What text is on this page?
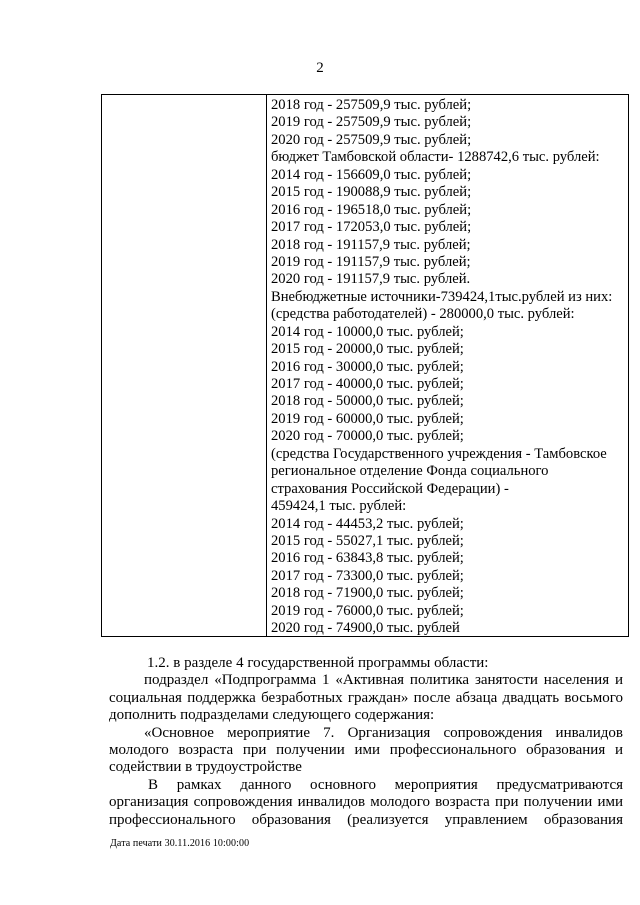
2
2018 год - 257509,9 тыс. рублей;
2019 год - 257509,9 тыс. рублей;
2020 год - 257509,9 тыс. рублей;
бюджет Тамбовской области- 1288742,6 тыс. рублей:
2014 год - 156609,0 тыс. рублей;
2015 год - 190088,9 тыс. рублей;
2016 год - 196518,0 тыс. рублей;
2017 год - 172053,0 тыс. рублей;
2018 год - 191157,9 тыс. рублей;
2019 год - 191157,9 тыс. рублей;
2020 год - 191157,9 тыс. рублей.
Внебюджетные источники-739424,1тыс.рублей из них:
(средства работодателей) - 280000,0 тыс. рублей:
2014 год - 10000,0 тыс. рублей;
2015 год - 20000,0 тыс. рублей;
2016 год - 30000,0 тыс. рублей;
2017 год - 40000,0 тыс. рублей;
2018 год - 50000,0 тыс. рублей;
2019 год - 60000,0 тыс. рублей;
2020 год - 70000,0 тыс. рублей;
(средства Государственного учреждения - Тамбовское
региональное отделение Фонда социального
страхования Российской Федерации) -
459424,1 тыс. рублей:
2014 год - 44453,2 тыс. рублей;
2015 год - 55027,1 тыс. рублей;
2016 год - 63843,8 тыс. рублей;
2017 год - 73300,0 тыс. рублей;
2018 год - 71900,0 тыс. рублей;
2019 год - 76000,0 тыс. рублей;
2020 год - 74900,0 тыс. рублей

1.2. в разделе 4 государственной программы области:

подраздел «Подпрограмма 1 «Активная политика занятости населения и
социальная поддержка безработных граждан» после абзаца двадцать восьмого
дополнить подразделами следующего содержания:
«Основное мероприятие 7. Организация сопровождения инвалидов
молодого возраста при получении ими профессионального образования и
содействии в трудоустройстве
В рамках данного основного мероприятия предусматриваются
организация сопровождения инвалидов молодого возраста при получении ими
профессионального образования (реализуется управлением образования
Дата печати 30.11.2016 10:00:00
